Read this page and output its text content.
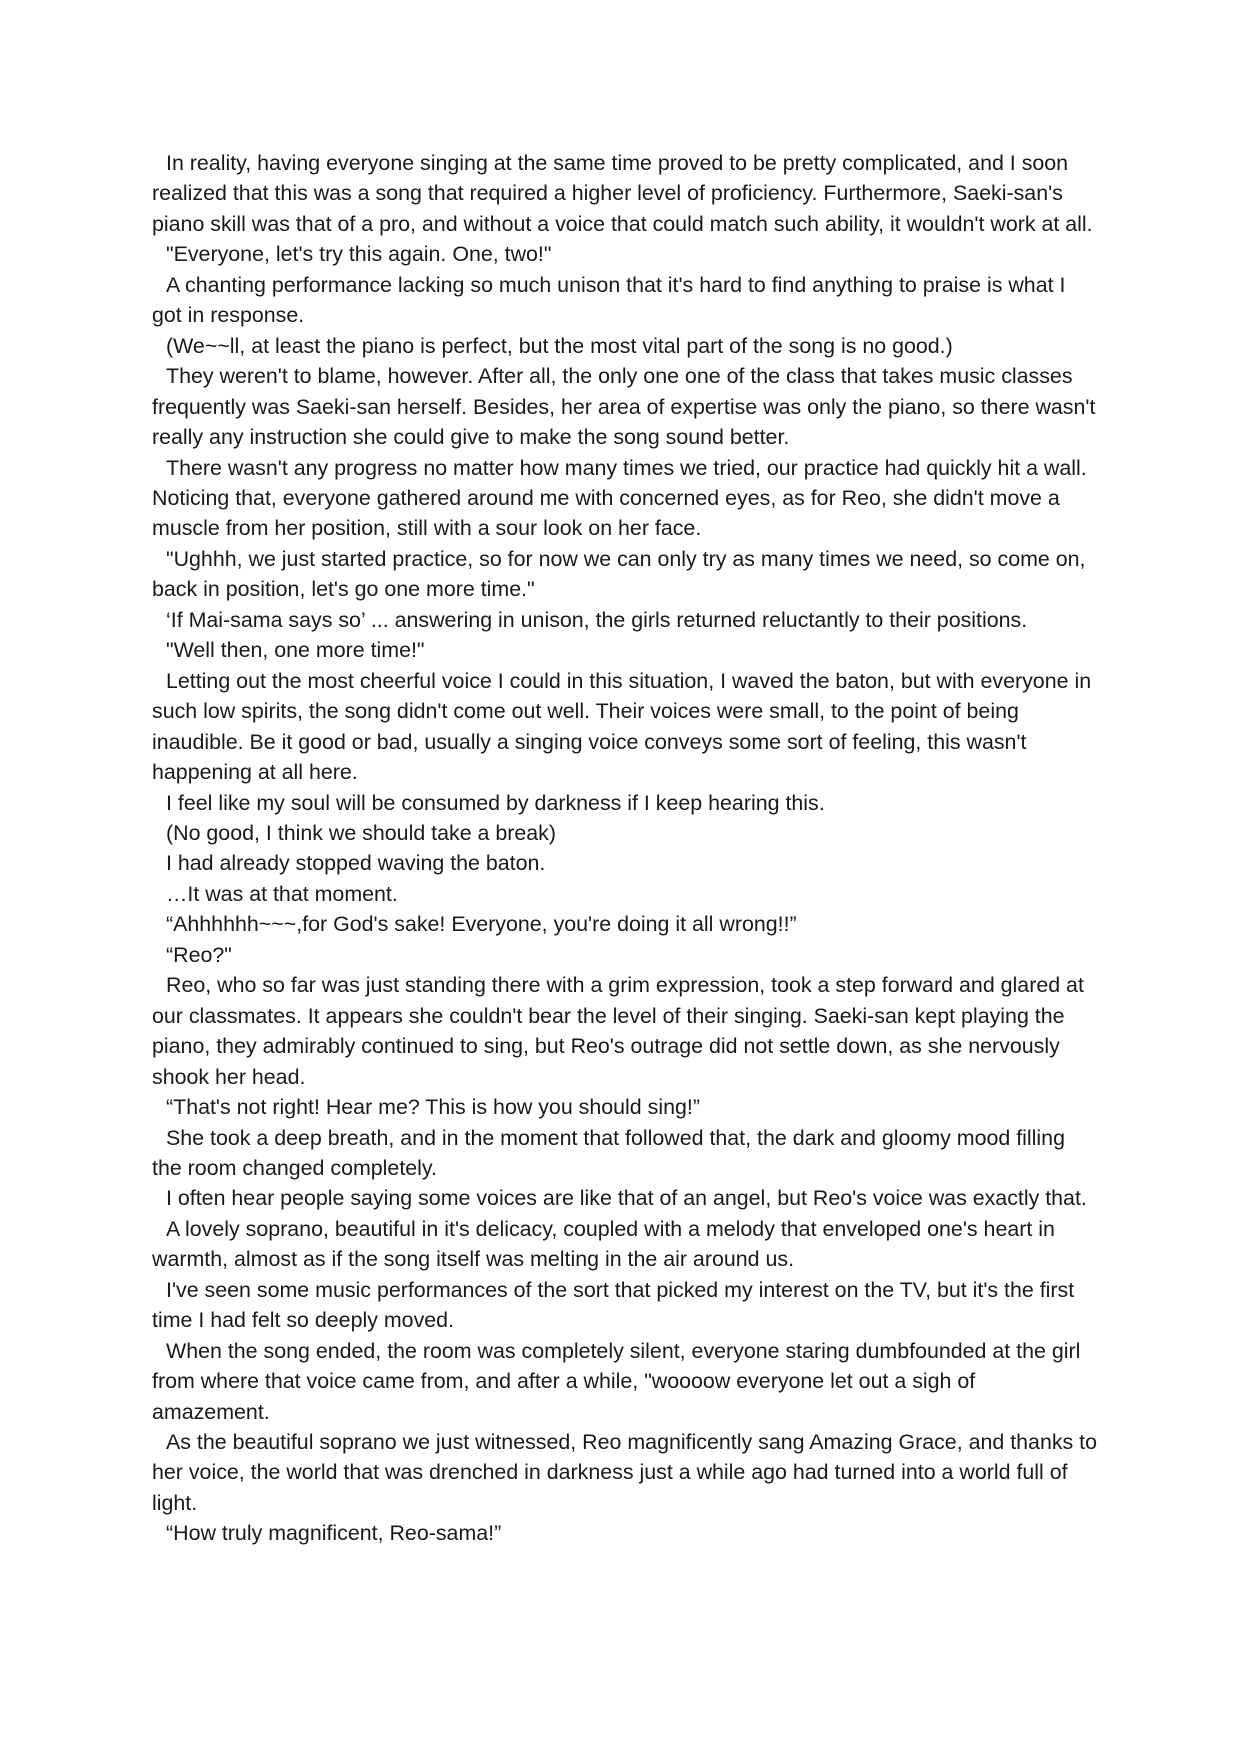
In reality, having everyone singing at the same time proved to be pretty complicated, and I soon realized that this was a song that required a higher level of proficiency. Furthermore, Saeki-san's piano skill was that of a pro, and without a voice that could match such ability, it wouldn't work at all.

"Everyone, let's try this again. One, two!"

A chanting performance lacking so much unison that it's hard to find anything to praise is what I got in response.

(We~~ll, at least the piano is perfect, but the most vital part of the song is no good.)

They weren't to blame, however. After all, the only one one of the class that takes music classes frequently was Saeki-san herself. Besides, her area of expertise was only the piano, so there wasn't really any instruction she could give to make the song sound better.

There wasn't any progress no matter how many times we tried, our practice had quickly hit a wall. Noticing that, everyone gathered around me with concerned eyes, as for Reo, she didn't move a muscle from her position, still with a sour look on her face.

"Ughhh, we just started practice, so for now we can only try as many times we need, so come on, back in position, let's go one more time."

‘If Mai-sama says so’ ... answering in unison, the girls returned reluctantly to their positions.

"Well then, one more time!"

Letting out the most cheerful voice I could in this situation, I waved the baton, but with everyone in such low spirits, the song didn't come out well. Their voices were small, to the point of being inaudible. Be it good or bad, usually a singing voice conveys some sort of feeling, this wasn't happening at all here.

I feel like my soul will be consumed by darkness if I keep hearing this.

(No good, I think we should take a break)

I had already stopped waving the baton.

…It was at that moment.

“Ahhhhhh~~~,for God's sake! Everyone, you're doing it all wrong!!”

“Reo?"

Reo, who so far was just standing there with a grim expression, took a step forward and glared at our classmates. It appears she couldn't bear the level of their singing. Saeki-san kept playing the piano, they admirably continued to sing, but Reo's outrage did not settle down, as she nervously shook her head.

“That's not right! Hear me? This is how you should sing!”

She took a deep breath, and in the moment that followed that, the dark and gloomy mood filling the room changed completely.

I often hear people saying some voices are like that of an angel, but Reo's voice was exactly that.

A lovely soprano, beautiful in it's delicacy, coupled with a melody that enveloped one's heart in warmth, almost as if the song itself was melting in the air around us.

I've seen some music performances of the sort that picked my interest on the TV, but it's the first time I had felt so deeply moved.

When the song ended, the room was completely silent, everyone staring dumbfounded at the girl from where that voice came from, and after a while, "woooow everyone let out a sigh of amazement.

As the beautiful soprano we just witnessed, Reo magnificently sang Amazing Grace, and thanks to her voice, the world that was drenched in darkness just a while ago had turned into a world full of light.

“How truly magnificent, Reo-sama!”
